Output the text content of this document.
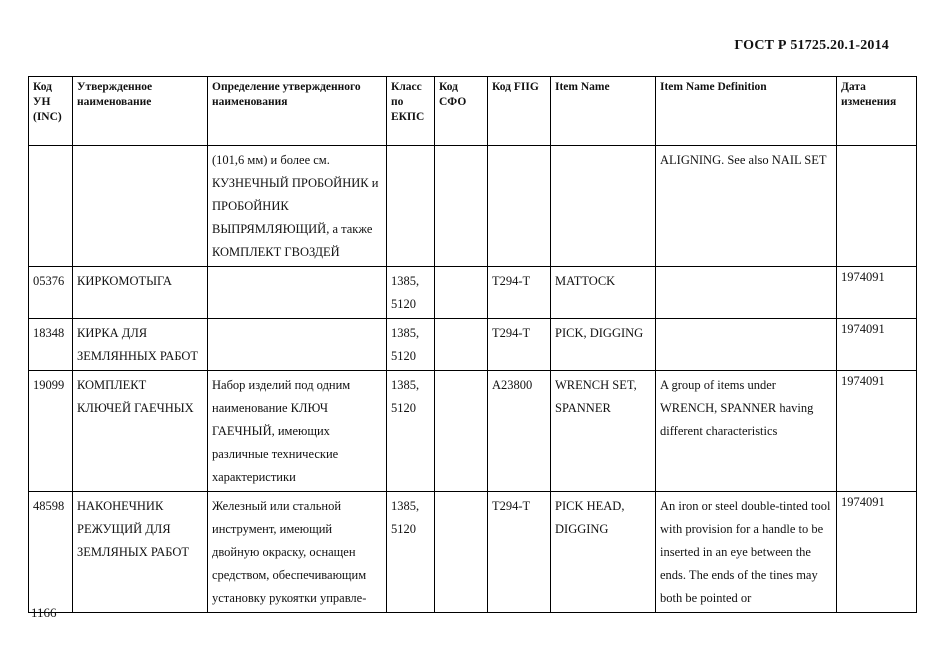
ГОСТ Р 51725.20.1-2014
Код УН (INC)	Утвержденное наименование	Определение утвержденного наименования	Класс по ЕКПС	Код СФО	Код FIIG	Item Name	Item Name Definition	Дата изменения
		(101,6 мм) и более см. КУЗНЕЧНЫЙ ПРОБОЙНИК и ПРОБОЙНИК ВЫПРЯМЛЯЮЩИЙ, а также КОМПЛЕКТ ГВОЗДЕЙ					ALIGNING. See also NAIL SET	
05376	КИРКОМОТЫГА		1385, 5120		T294-T	MATTOCK		1974091
18348	КИРКА ДЛЯ ЗЕМЛЯННЫХ РАБОТ		1385, 5120		T294-T	PICK, DIGGING		1974091
19099	КОМПЛЕКТ КЛЮЧЕЙ ГАЕЧНЫХ	Набор изделий под одним наименование КЛЮЧ ГАЕЧНЫЙ, имеющих различные технические характеристики	1385, 5120		A23800	WRENCH SET, SPANNER	A group of items under WRENCH, SPANNER having different characteristics	1974091
48598	НАКОНЕЧНИК РЕЖУЩИЙ ДЛЯ ЗЕМЛЯНЫХ РАБОТ	Железный или стальной инструмент, имеющий двойную окраску, оснащен средством, обеспечивающим установку рукоятки управле-	1385, 5120		T294-T	PICK HEAD, DIGGING	An iron or steel double-tinted tool with provision for a handle to be inserted in an eye between the ends. The ends of the tines may both be pointed or	1974091
1166
